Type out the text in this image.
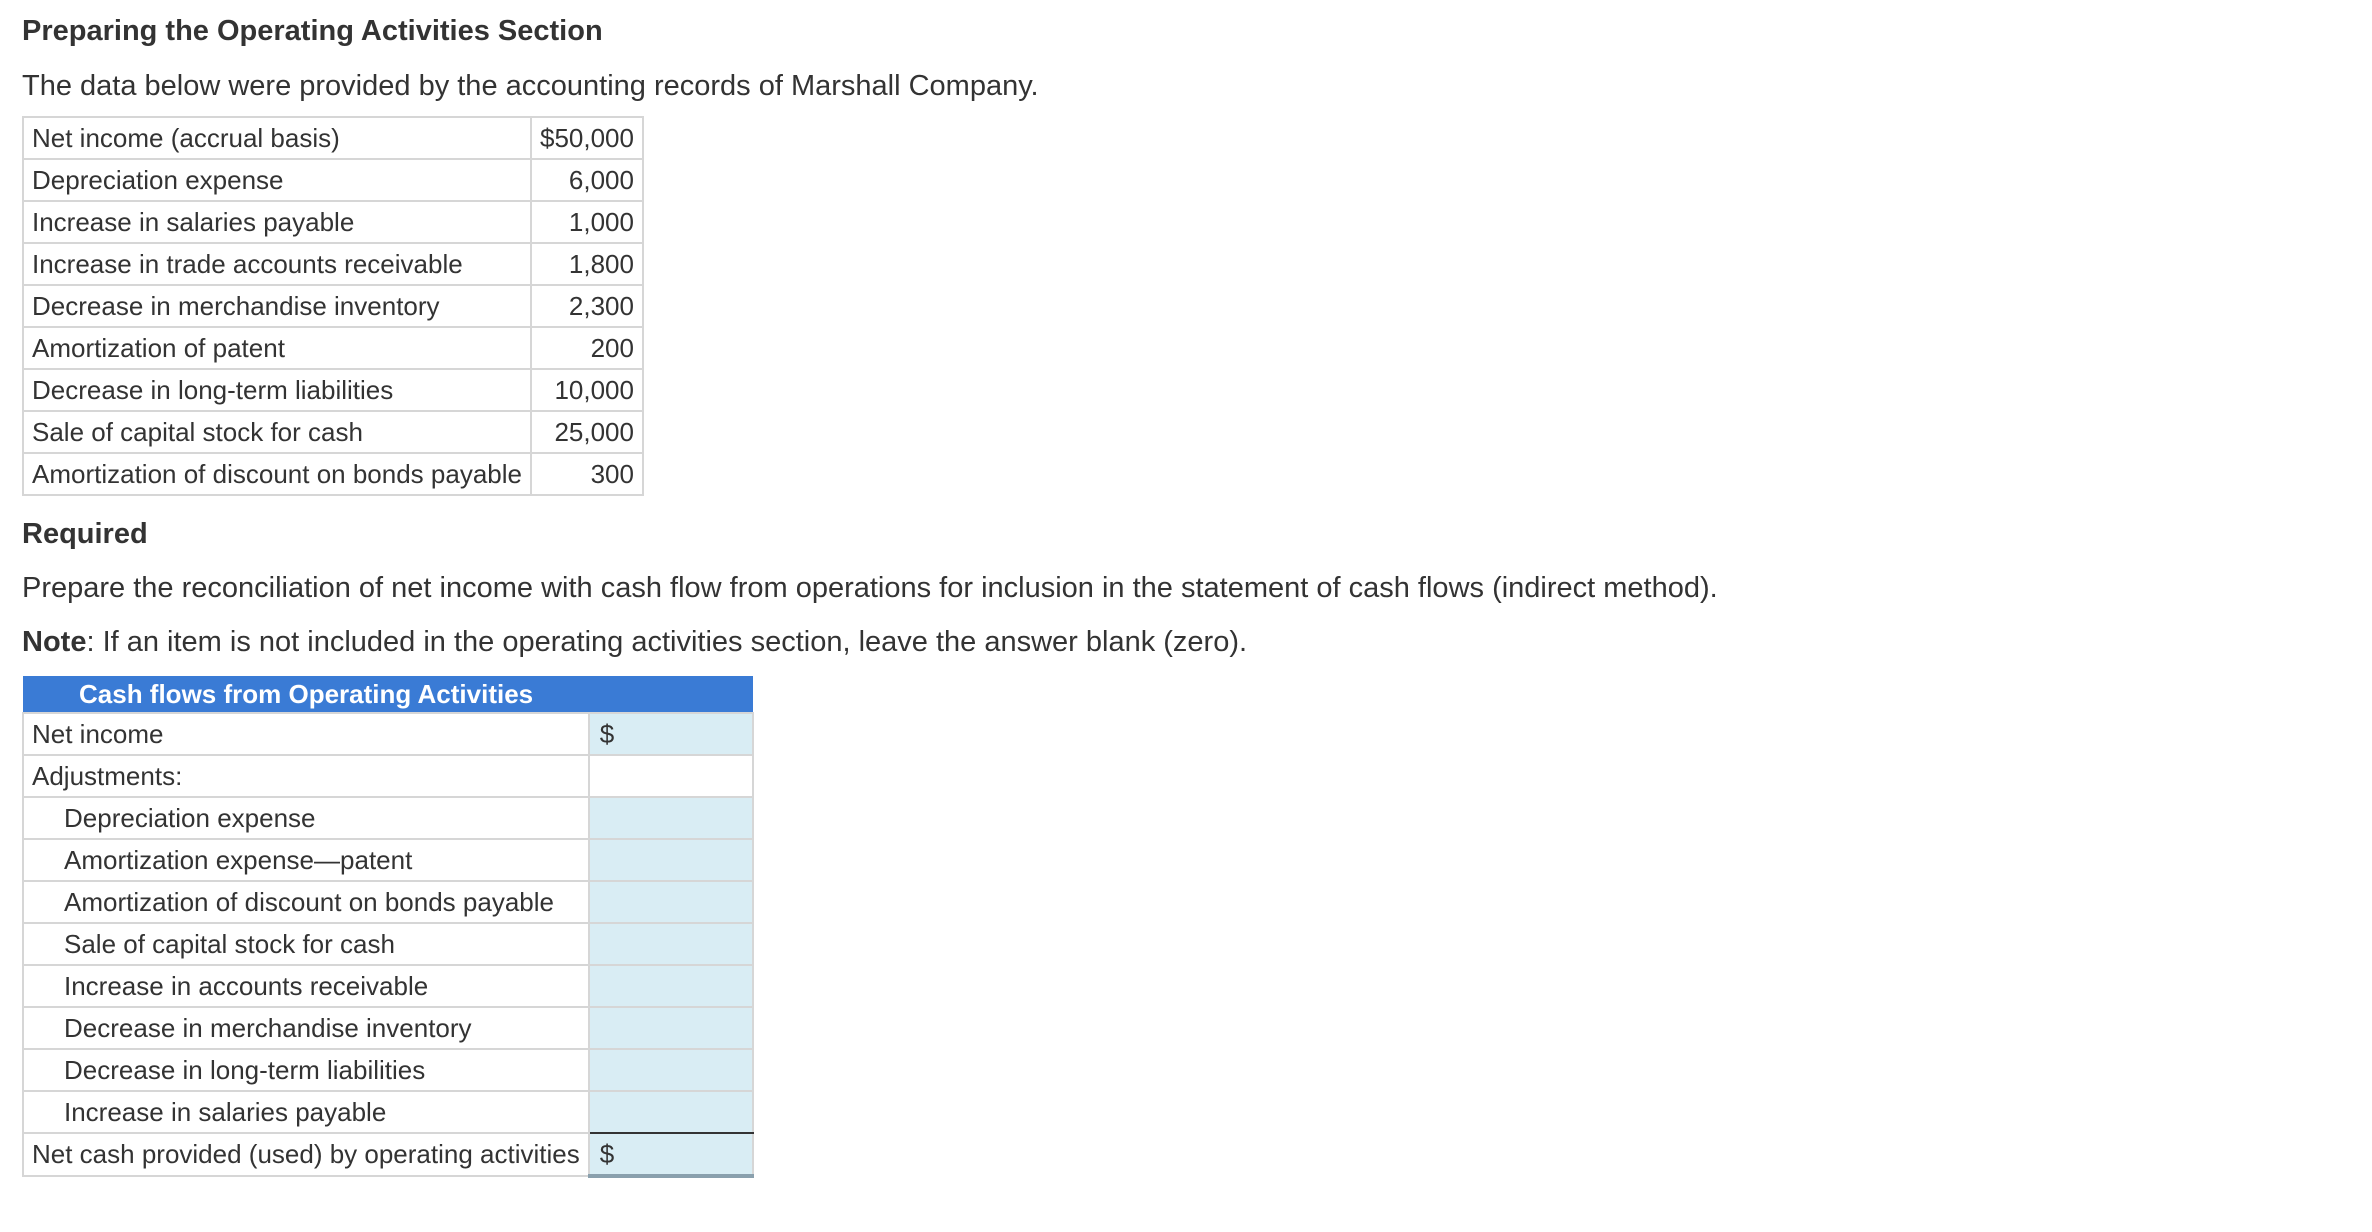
Preparing the Operating Activities Section

The data below were provided by the accounting records of Marshall Company.

Net income (accrual basis)	$50,000
Depreciation expense	6,000
Increase in salaries payable	1,000
Increase in trade accounts receivable	1,800
Decrease in merchandise inventory	2,300
Amortization of patent	200
Decrease in long-term liabilities	10,000
Sale of capital stock for cash	25,000
Amortization of discount on bonds payable	300
Required

Prepare the reconciliation of net income with cash flow from operations for inclusion in the statement of cash flows (indirect method).

Note: If an item is not included in the operating activities section, leave the answer blank (zero).

Cash flows from Operating Activities	
Net income	$
Adjustments:	
Depreciation expense	
Amortization expense—patent	
Amortization of discount on bonds payable	
Sale of capital stock for cash	
Increase in accounts receivable	
Decrease in merchandise inventory	
Decrease in long-term liabilities	
Increase in salaries payable	
Net cash provided (used) by operating activities	$
